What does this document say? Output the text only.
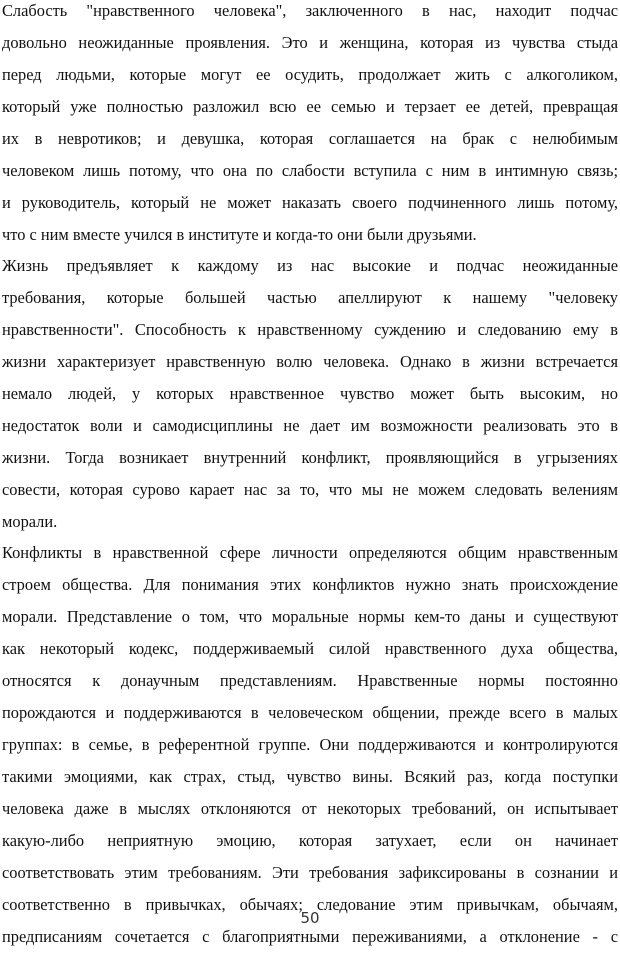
Слабость "нравственного человека", заключенного в нас, находит подчас
довольно неожиданные проявления. Это и женщина, которая из чувства стыда
перед людьми, которые могут ее осудить, продолжает жить с алкоголиком,
который уже полностью разложил всю ее семью и терзает ее детей, превращая
их в невротиков; и девушка, которая соглашается на брак с нелюбимым
человеком лишь потому, что она по слабости вступила с ним в интимную связь;
и руководитель, который не может наказать своего подчиненного лишь потому,
что с ним вместе учился в институте и когда-то они были друзьями.
Жизнь предъявляет к каждому из нас высокие и подчас неожиданные
требования, которые большей частью апеллируют к нашему "человеку
нравственности". Способность к нравственному суждению и следованию ему в
жизни характеризует нравственную волю человека. Однако в жизни встречается
немало людей, у которых нравственное чувство может быть высоким, но
недостаток воли и самодисциплины не дает им возможности реализовать это в
жизни. Тогда возникает внутренний конфликт, проявляющийся в угрызениях
совести, которая сурово карает нас за то, что мы не можем следовать велениям
морали.
Конфликты в нравственной сфере личности определяются общим нравственным
строем общества. Для понимания этих конфликтов нужно знать происхождение
морали. Представление о том, что моральные нормы кем-то даны и существуют
как некоторый кодекс, поддерживаемый силой нравственного духа общества,
относятся к донаучным представлениям. Нравственные нормы постоянно
порождаются и поддерживаются в человеческом общении, прежде всего в малых
группах: в семье, в референтной группе. Они поддерживаются и контролируются
такими эмоциями, как страх, стыд, чувство вины. Всякий раз, когда поступки
человека даже в мыслях отклоняются от некоторых требований, он испытывает
какую-либо неприятную эмоцию, которая затухает, если он начинает
соответствовать этим требованиям. Эти требования зафиксированы в сознании и
соответственно в привычках, обычаях; следование этим привычкам, обычаям,
предписаниям сочетается с благоприятными переживаниями, а отклонение - с
50
